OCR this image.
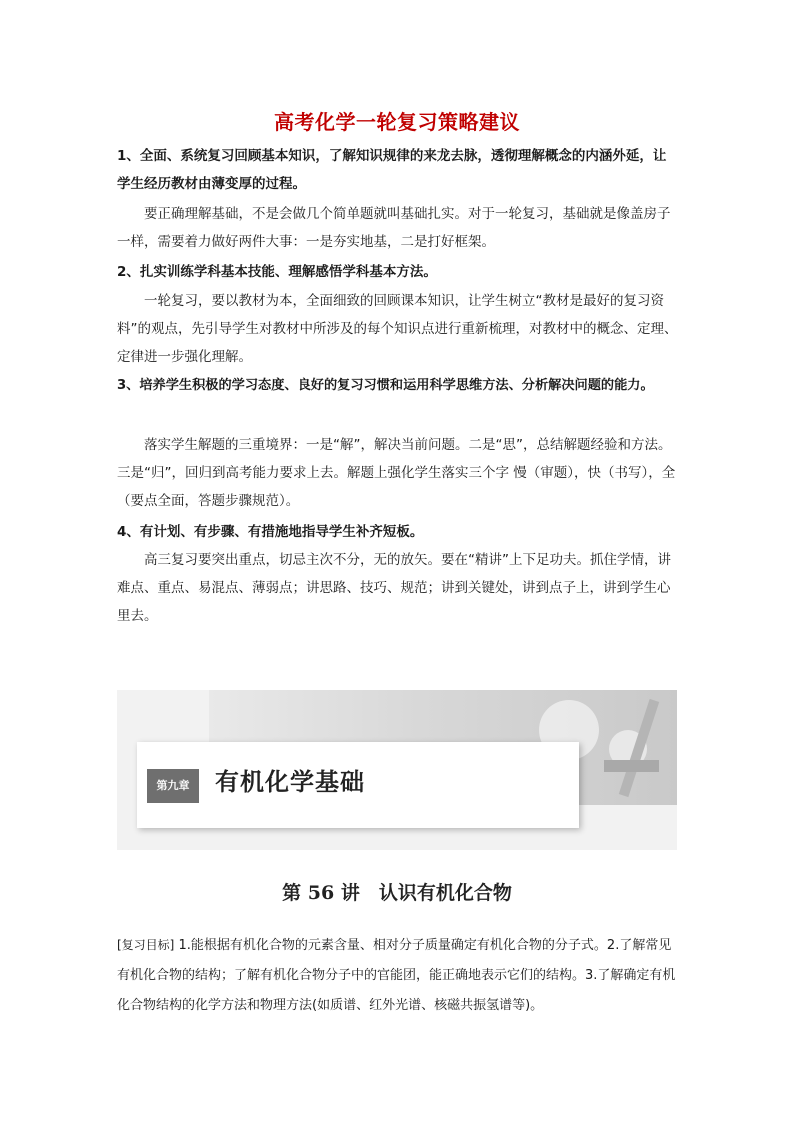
高考化学一轮复习策略建议
1、全面、系统复习回顾基本知识，了解知识规律的来龙去脉，透彻理解概念的内涵外延，让学生经历教材由薄变厚的过程。
要正确理解基础，不是会做几个简单题就叫基础扎实。对于一轮复习，基础就是像盖房子一样，需要着力做好两件大事：一是夯实地基，二是打好框架。
2、扎实训练学科基本技能、理解感悟学科基本方法。
一轮复习，要以教材为本，全面细致的回顾课本知识，让学生树立“教材是最好的复习资料”的观点，先引导学生对教材中所涉及的每个知识点进行重新梳理，对教材中的概念、定理、定律进一步强化理解。
3、培养学生积极的学习态度、良好的复习习惯和运用科学思维方法、分析解决问题的能力。
落实学生解题的三重境界：一是“解”，解决当前问题。二是“思”，总结解题经验和方法。三是“归”，回归到高考能力要求上去。解题上强化学生落实三个字 慢（审题），快（书写），全（要点全面，答题步骤规范）。
4、有计划、有步骤、有措施地指导学生补齐短板。
高三复习要突出重点，切忌主次不分，无的放矢。要在“精讲”上下足功夫。抓住学情，讲难点、重点、易混点、薄弱点；讲思路、技巧、规范；讲到关键处，讲到点子上，讲到学生心里去。
第九章	有机化学基础
第 56 讲　认识有机化合物
[复习目标] 1.能根据有机化合物的元素含量、相对分子质量确定有机化合物的分子式。2.了解常见有机化合物的结构；了解有机化合物分子中的官能团，能正确地表示它们的结构。3.了解确定有机化合物结构的化学方法和物理方法(如质谱、红外光谱、核磁共振氢谱等)。
